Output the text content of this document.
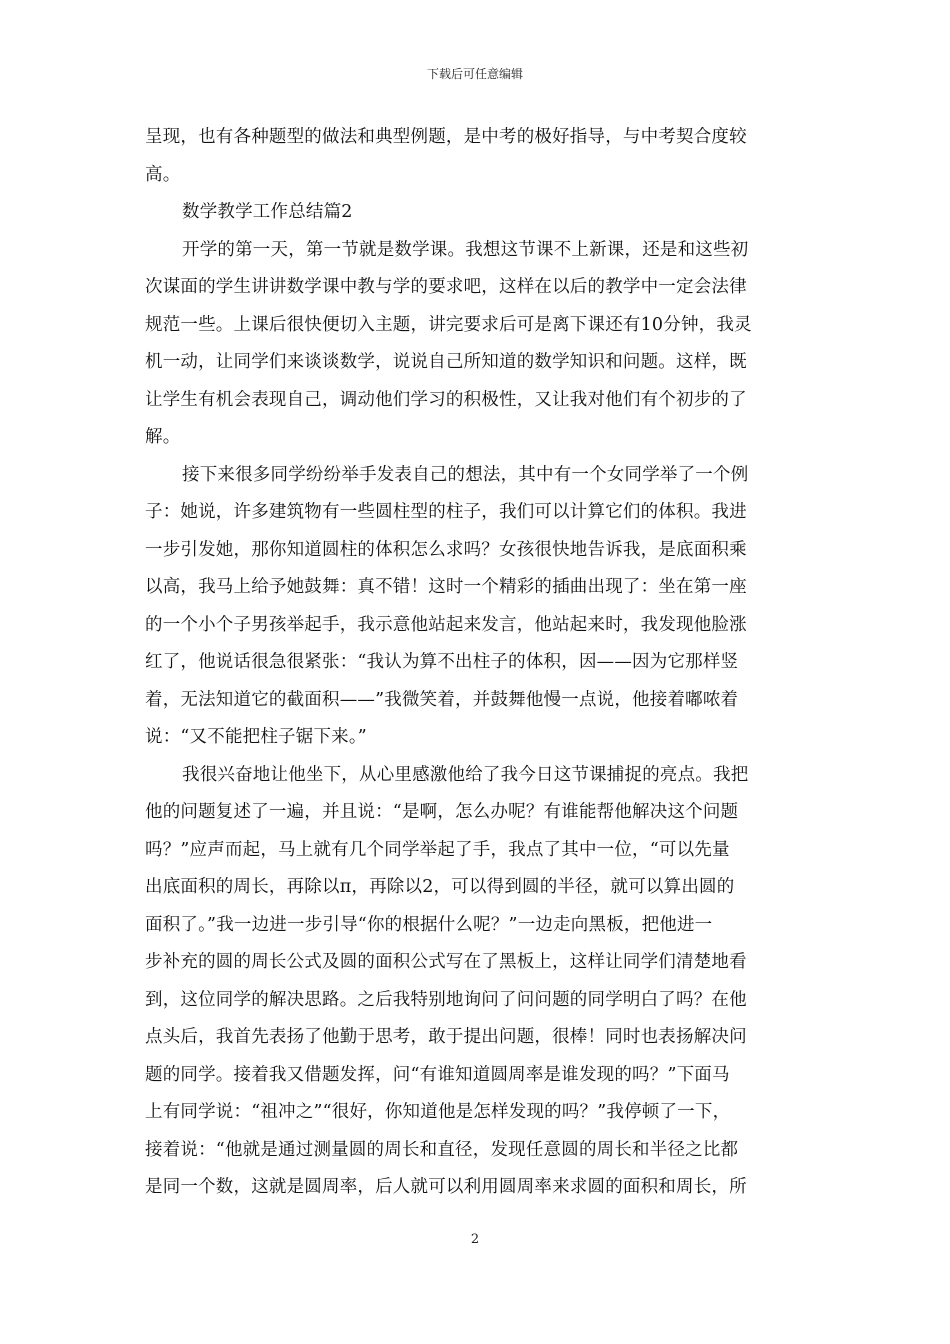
下载后可任意编辑
呈现，也有各种题型的做法和典型例题，是中考的极好指导，与中考契合度较
高。
数学教学工作总结篇2
开学的第一天，第一节就是数学课。我想这节课不上新课，还是和这些初
次谋面的学生讲讲数学课中教与学的要求吧，这样在以后的教学中一定会法律
规范一些。上课后很快便切入主题，讲完要求后可是离下课还有10分钟，我灵
机一动，让同学们来谈谈数学，说说自己所知道的数学知识和问题。这样，既
让学生有机会表现自己，调动他们学习的积极性，又让我对他们有个初步的了
解。
接下来很多同学纷纷举手发表自己的想法，其中有一个女同学举了一个例
子：她说，许多建筑物有一些圆柱型的柱子，我们可以计算它们的体积。我进
一步引发她，那你知道圆柱的体积怎么求吗？女孩很快地告诉我，是底面积乘
以高，我马上给予她鼓舞：真不错！这时一个精彩的插曲出现了：坐在第一座
的一个小个子男孩举起手，我示意他站起来发言，他站起来时，我发现他脸涨
红了，他说话很急很紧张：“我认为算不出柱子的体积，因——因为它那样竖
着，无法知道它的截面积——”我微笑着，并鼓舞他慢一点说，他接着嘟哝着
说：“又不能把柱子锯下来。”
我很兴奋地让他坐下，从心里感激他给了我今日这节课捕捉的亮点。我把
他的问题复述了一遍，并且说：“是啊，怎么办呢？有谁能帮他解决这个问题
吗？”应声而起，马上就有几个同学举起了手，我点了其中一位，“可以先量
出底面积的周长，再除以π，再除以2，可以得到圆的半径，就可以算出圆的
面积了。”我一边进一步引导“你的根据什么呢？”一边走向黑板，把他进一
步补充的圆的周长公式及圆的面积公式写在了黑板上，这样让同学们清楚地看
到，这位同学的解决思路。之后我特别地询问了问问题的同学明白了吗？在他
点头后，我首先表扬了他勤于思考，敢于提出问题，很棒！同时也表扬解决问
题的同学。接着我又借题发挥，问“有谁知道圆周率是谁发现的吗？”下面马
上有同学说：“祖冲之”“很好，你知道他是怎样发现的吗？”我停顿了一下，
接着说：“他就是通过测量圆的周长和直径，发现任意圆的周长和半径之比都
是同一个数，这就是圆周率，后人就可以利用圆周率来求圆的面积和周长，所
2
